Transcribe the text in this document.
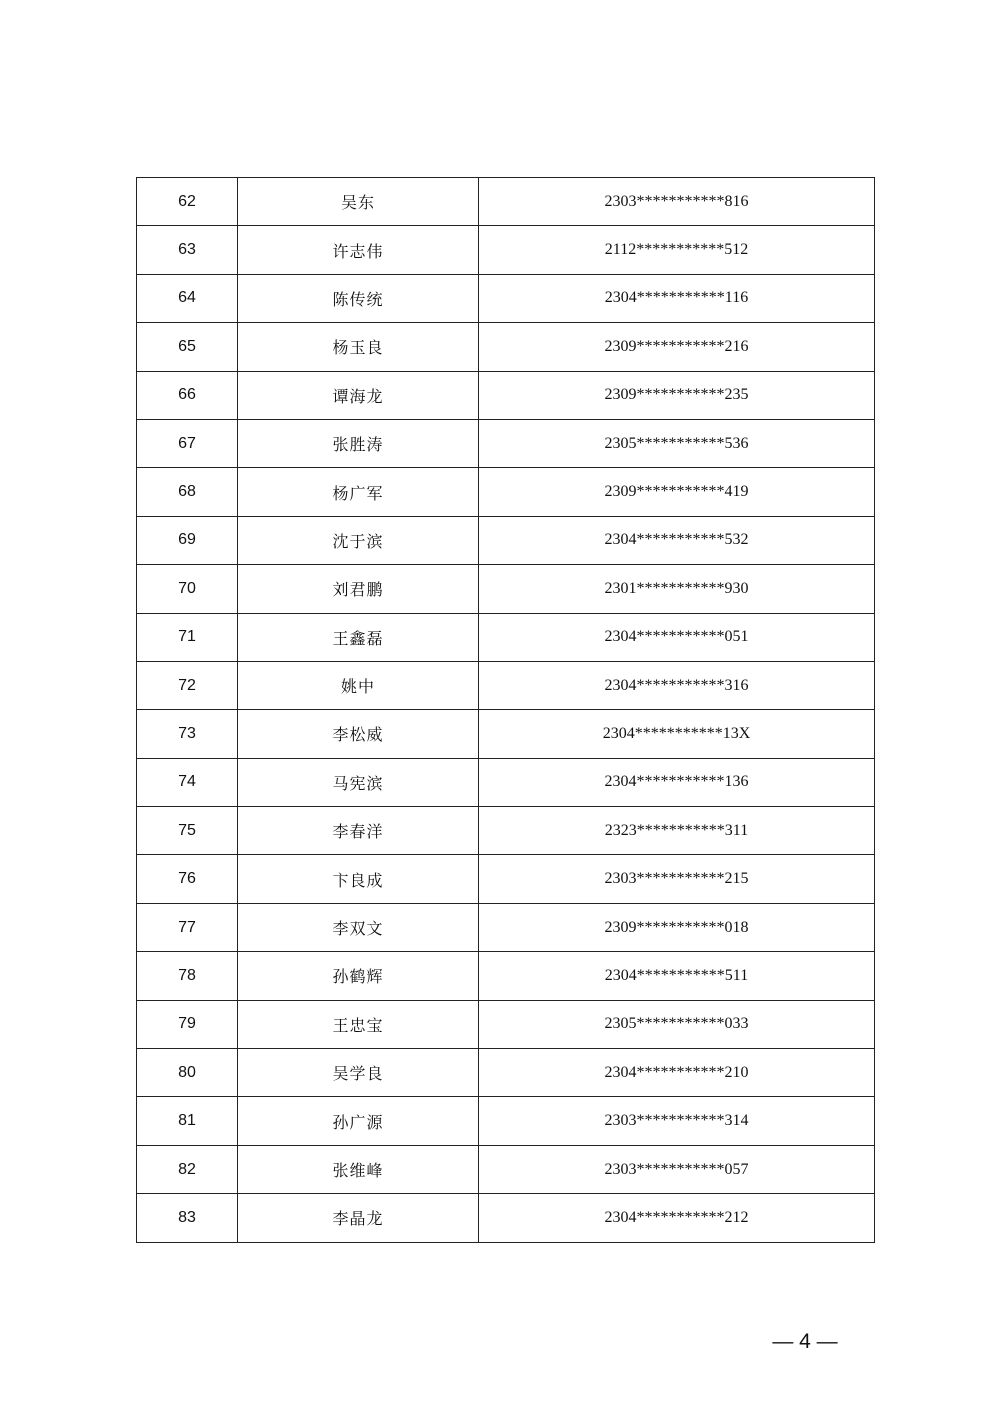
62	吴东	2303***********816
63	许志伟	2112***********512
64	陈传统	2304***********116
65	杨玉良	2309***********216
66	谭海龙	2309***********235
67	张胜涛	2305***********536
68	杨广军	2309***********419
69	沈于滨	2304***********532
70	刘君鹏	2301***********930
71	王鑫磊	2304***********051
72	姚中	2304***********316
73	李松威	2304***********13X
74	马宪滨	2304***********136
75	李春洋	2323***********311
76	卞良成	2303***********215
77	李双文	2309***********018
78	孙鹤辉	2304***********511
79	王忠宝	2305***********033
80	吴学良	2304***********210
81	孙广源	2303***********314
82	张维峰	2303***********057
83	李晶龙	2304***********212
— 4 —
